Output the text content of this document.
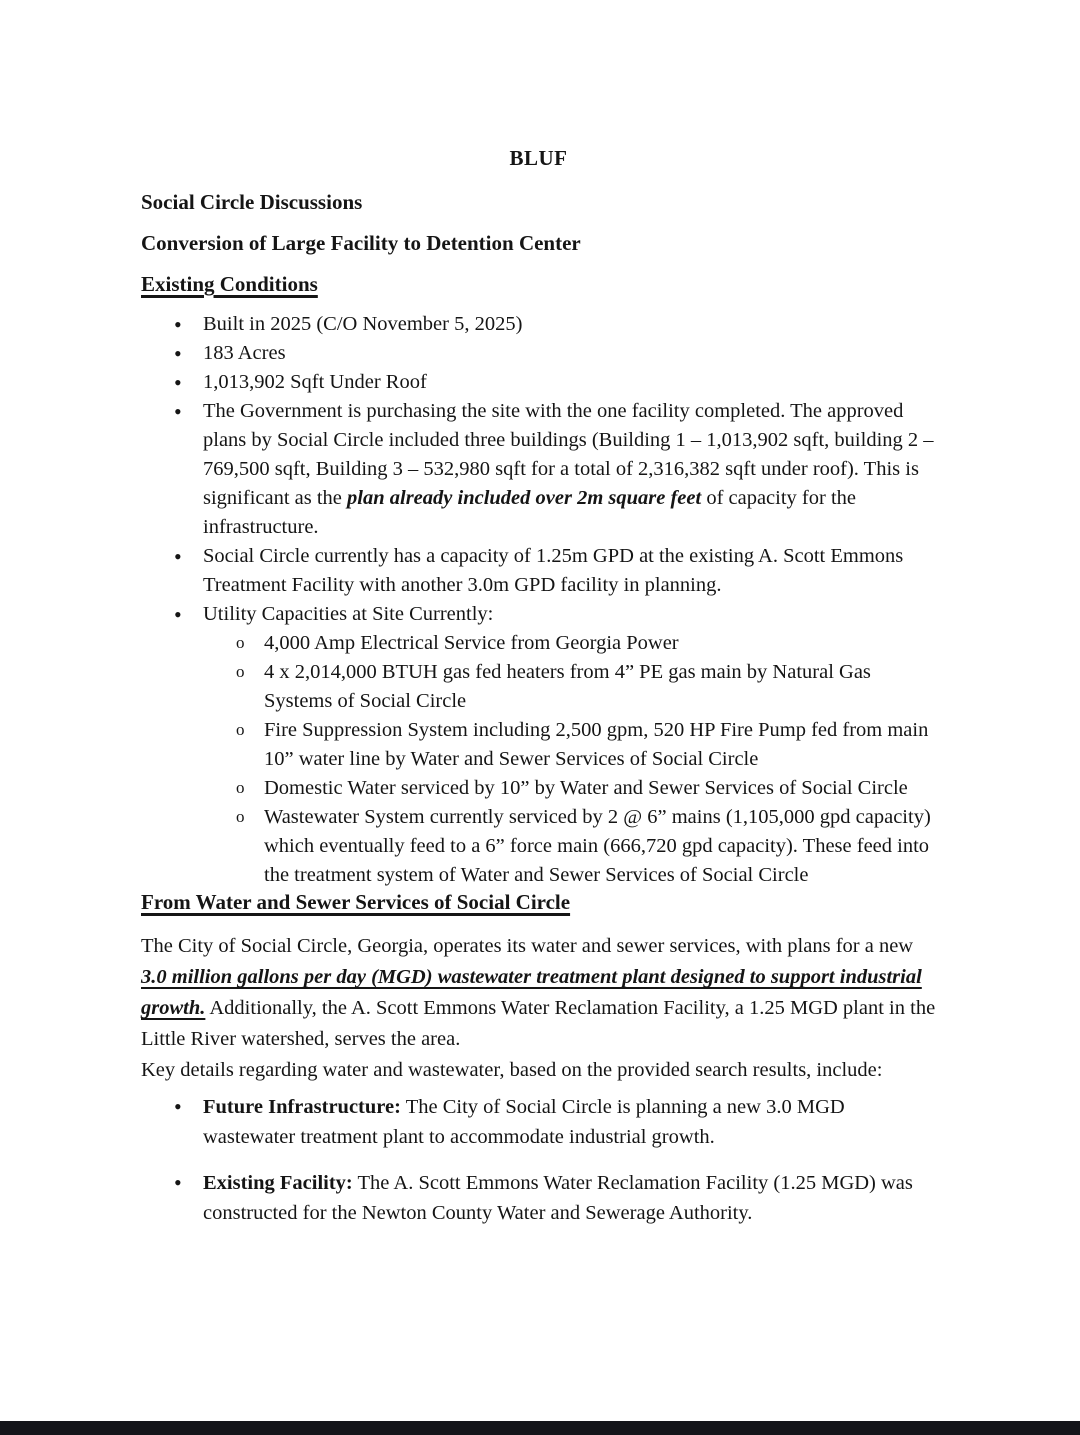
BLUF
Social Circle Discussions
Conversion of Large Facility to Detention Center
Existing Conditions
• Built in 2025 (C/O November 5, 2025)
• 183 Acres
• 1,013,902 Sqft Under Roof
• The Government is purchasing the site with the one facility completed. The approved plans by Social Circle included three buildings (Building 1 – 1,013,902 sqft, building 2 – 769,500 sqft, Building 3 – 532,980 sqft for a total of 2,316,382 sqft under roof). This is significant as the plan already included over 2m square feet of capacity for the infrastructure.
• Social Circle currently has a capacity of 1.25m GPD at the existing A. Scott Emmons Treatment Facility with another 3.0m GPD facility in planning.
• Utility Capacities at Site Currently:
o 4,000 Amp Electrical Service from Georgia Power
o 4 x 2,014,000 BTUH gas fed heaters from 4” PE gas main by Natural Gas Systems of Social Circle
o Fire Suppression System including 2,500 gpm, 520 HP Fire Pump fed from main 10” water line by Water and Sewer Services of Social Circle
o Domestic Water serviced by 10” by Water and Sewer Services of Social Circle
o Wastewater System currently serviced by 2 @ 6” mains (1,105,000 gpd capacity) which eventually feed to a 6” force main (666,720 gpd capacity). These feed into the treatment system of Water and Sewer Services of Social Circle
From Water and Sewer Services of Social Circle

The City of Social Circle, Georgia, operates its water and sewer services, with plans for a new 3.0 million gallons per day (MGD) wastewater treatment plant designed to support industrial growth. Additionally, the A. Scott Emmons Water Reclamation Facility, a 1.25 MGD plant in the Little River watershed, serves the area.

Key details regarding water and wastewater, based on the provided search results, include:

• Future Infrastructure: The City of Social Circle is planning a new 3.0 MGD wastewater treatment plant to accommodate industrial growth.
• Existing Facility: The A. Scott Emmons Water Reclamation Facility (1.25 MGD) was constructed for the Newton County Water and Sewerage Authority.
